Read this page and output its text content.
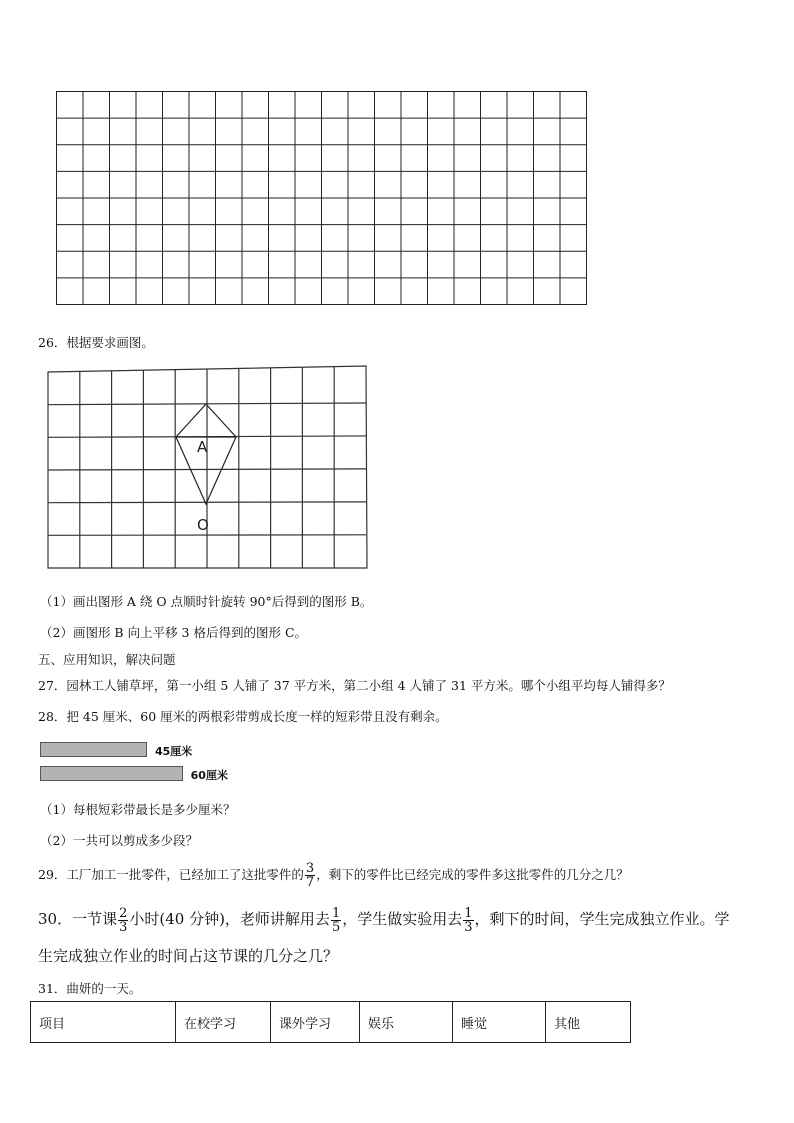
26．根据要求画图。
A
O
（1）画出图形 A 绕 O 点顺时针旋转 90°后得到的图形 B。
（2）画图形 B 向上平移 3 格后得到的图形 C。
五、应用知识，解决问题
27．园林工人铺草坪，第一小组 5 人铺了 37 平方米，第二小组 4 人铺了 31 平方米。哪个小组平均每人铺得多？
28．把 45 厘米、60 厘米的两根彩带剪成长度一样的短彩带且没有剩余。
45厘米
60厘米
（1）每根短彩带最长是多少厘米？
（2）一共可以剪成多少段？
29．工厂加工一批零件，已经加工了这批零件的 $\frac{3}{7}$ ，剩下的零件比已经完成的零件多这批零件的几分之几？
30．一节课 $\frac{2}{3}$ 小时(40 分钟)，老师讲解用去 $\frac{1}{5}$ ，学生做实验用去 $\frac{1}{3}$ ，剩下的时间，学生完成独立作业。学
生完成独立作业的时间占这节课的几分之几？
31．曲妍的一天。
项目	在校学习	课外学习	娱乐	睡觉	其他
